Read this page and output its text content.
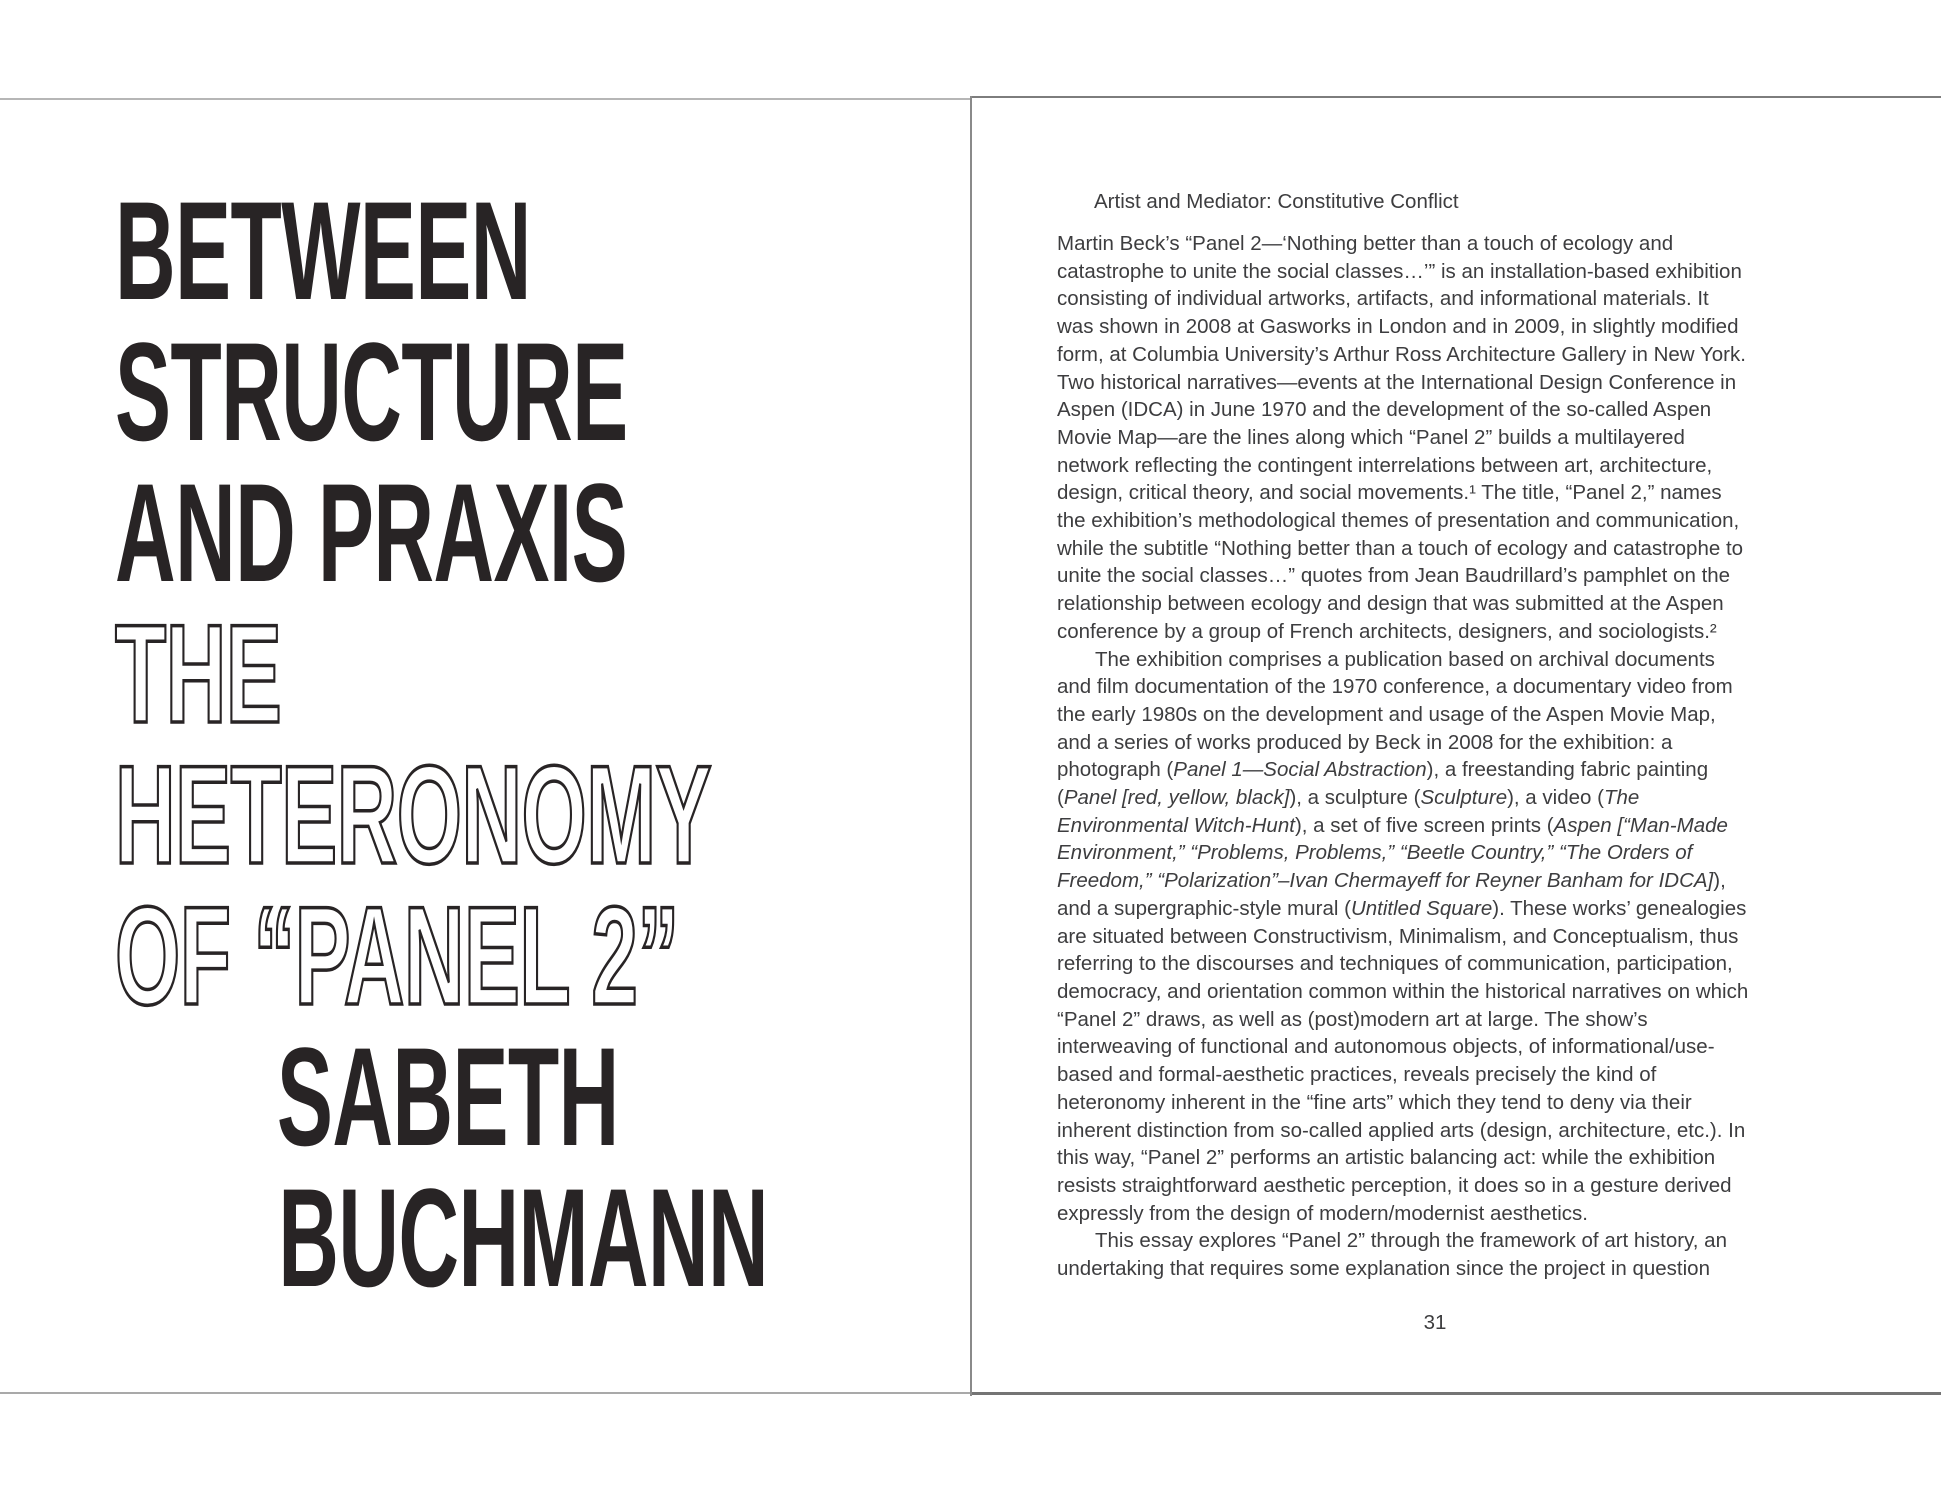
BETWEEN
STRUCTURE
AND PRAXIS
THE
HETERONOMY
OF “PANEL 2”
SABETH
BUCHMANN

Artist and Mediator: Constitutive Conflict

Martin Beck’s “Panel 2—‘Nothing better than a touch of ecology and catastrophe to unite the social classes…’” is an installation-based exhibition consisting of individual artworks, artifacts, and informational materials. It was shown in 2008 at Gasworks in London and in 2009, in slightly modified form, at Columbia University’s Arthur Ross Architecture Gallery in New York. Two historical narratives—events at the International Design Conference in Aspen (IDCA) in June 1970 and the development of the so-called Aspen Movie Map—are the lines along which “Panel 2” builds a multilayered network reflecting the contingent interrelations between art, architecture, design, critical theory, and social movements.¹ The title, “Panel 2,” names the exhibition’s methodological themes of presentation and communication, while the subtitle “Nothing better than a touch of ecology and catastrophe to unite the social classes…” quotes from Jean Baudrillard’s pamphlet on the relationship between ecology and design that was submitted at the Aspen conference by a group of French architects, designers, and sociologists.²

The exhibition comprises a publication based on archival documents and film documentation of the 1970 conference, a documentary video from the early 1980s on the development and usage of the Aspen Movie Map, and a series of works produced by Beck in 2008 for the exhibition: a photograph (Panel 1—Social Abstraction), a freestanding fabric painting (Panel [red, yellow, black]), a sculpture (Sculpture), a video (The Environmental Witch-Hunt), a set of five screen prints (Aspen [“Man-Made Environment,” “Problems, Problems,” “Beetle Country,” “The Orders of Freedom,” “Polarization”–Ivan Chermayeff for Reyner Banham for IDCA]), and a supergraphic-style mural (Untitled Square). These works’ genealogies are situated between Constructivism, Minimalism, and Conceptualism, thus referring to the discourses and techniques of communication, participation, democracy, and orientation common within the historical narratives on which “Panel 2” draws, as well as (post)modern art at large. The show’s interweaving of functional and autonomous objects, of informational/use-based and formal-aesthetic practices, reveals precisely the kind of heteronomy inherent in the “fine arts” which they tend to deny via their inherent distinction from so-called applied arts (design, architecture, etc.). In this way, “Panel 2” performs an artistic balancing act: while the exhibition resists straightforward aesthetic perception, it does so in a gesture derived expressly from the design of modern/modernist aesthetics.

This essay explores “Panel 2” through the framework of art history, an undertaking that requires some explanation since the project in question

31
